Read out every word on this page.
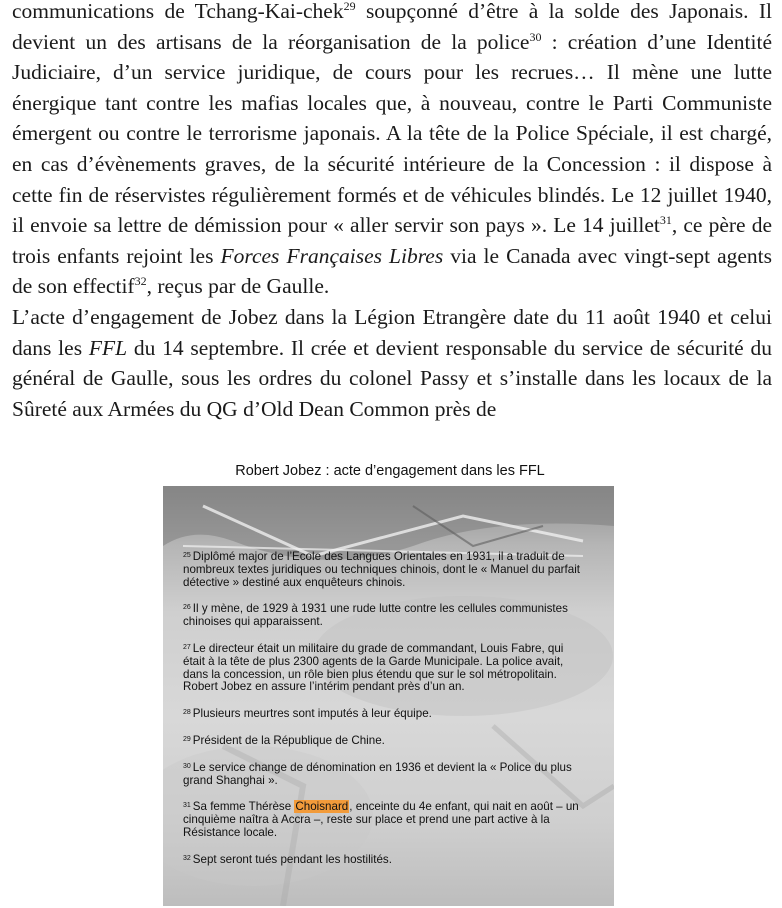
communications de Tchang-Kai-chek$^{29}$ soupçonné d’être à la solde des Japonais. Il devient un des artisans de la réorganisation de la police$^{30}$ : création d’une Identité Judiciaire, d’un service juridique, de cours pour les recrues… Il mène une lutte énergique tant contre les mafias locales que, à nouveau, contre le Parti Communiste émergent ou contre le terrorisme japonais. A la tête de la Police Spéciale, il est chargé, en cas d’évènements graves, de la sécurité intérieure de la Concession : il dispose à cette fin de réservistes régulièrement formés et de véhicules blindés. Le 12 juillet 1940, il envoie sa lettre de démission pour « aller servir son pays ». Le 14 juillet$^{31}$, ce père de trois enfants rejoint les Forces Françaises Libres via le Canada avec vingt-sept agents de son effectif$^{32}$, reçus par de Gaulle.

L’acte d’engagement de Jobez dans la Légion Etrangère date du 11 août 1940 et celui dans les FFL du 14 septembre. Il crée et devient responsable du service de sécurité du général de Gaulle, sous les ordres du colonel Passy et s’installe dans les locaux de la Sûreté aux Armées du QG d’Old Dean Common près de

Robert Jobez : acte d’engagement dans les FFL

$^{25}$ Diplômé major de l’Ecole des Langues Orientales en 1931, il a traduit de nombreux textes juridiques ou techniques chinois, dont le « Manuel du parfait détective » destiné aux enquêteurs chinois.

$^{26}$ Il y mène, de 1929 à 1931 une rude lutte contre les cellules communistes chinoises qui apparaissent.

$^{27}$ Le directeur était un militaire du grade de commandant, Louis Fabre, qui était à la tête de plus 2300 agents de la Garde Municipale. La police avait, dans la concession, un rôle bien plus étendu que sur le sol métropolitain. Robert Jobez en assure l’intérim pendant près d’un an.

$^{28}$ Plusieurs meurtres sont imputés à leur équipe.

$^{29}$ Président de la République de Chine.

$^{30}$ Le service change de dénomination en 1936 et devient la « Police du plus grand Shanghai ».

$^{31}$ Sa femme Thérèse Choisnard, enceinte du 4e enfant, qui nait en août – un cinquième naîtra à Accra –, reste sur place et prend une part active à la Résistance locale.

$^{32}$ Sept seront tués pendant les hostilités.
